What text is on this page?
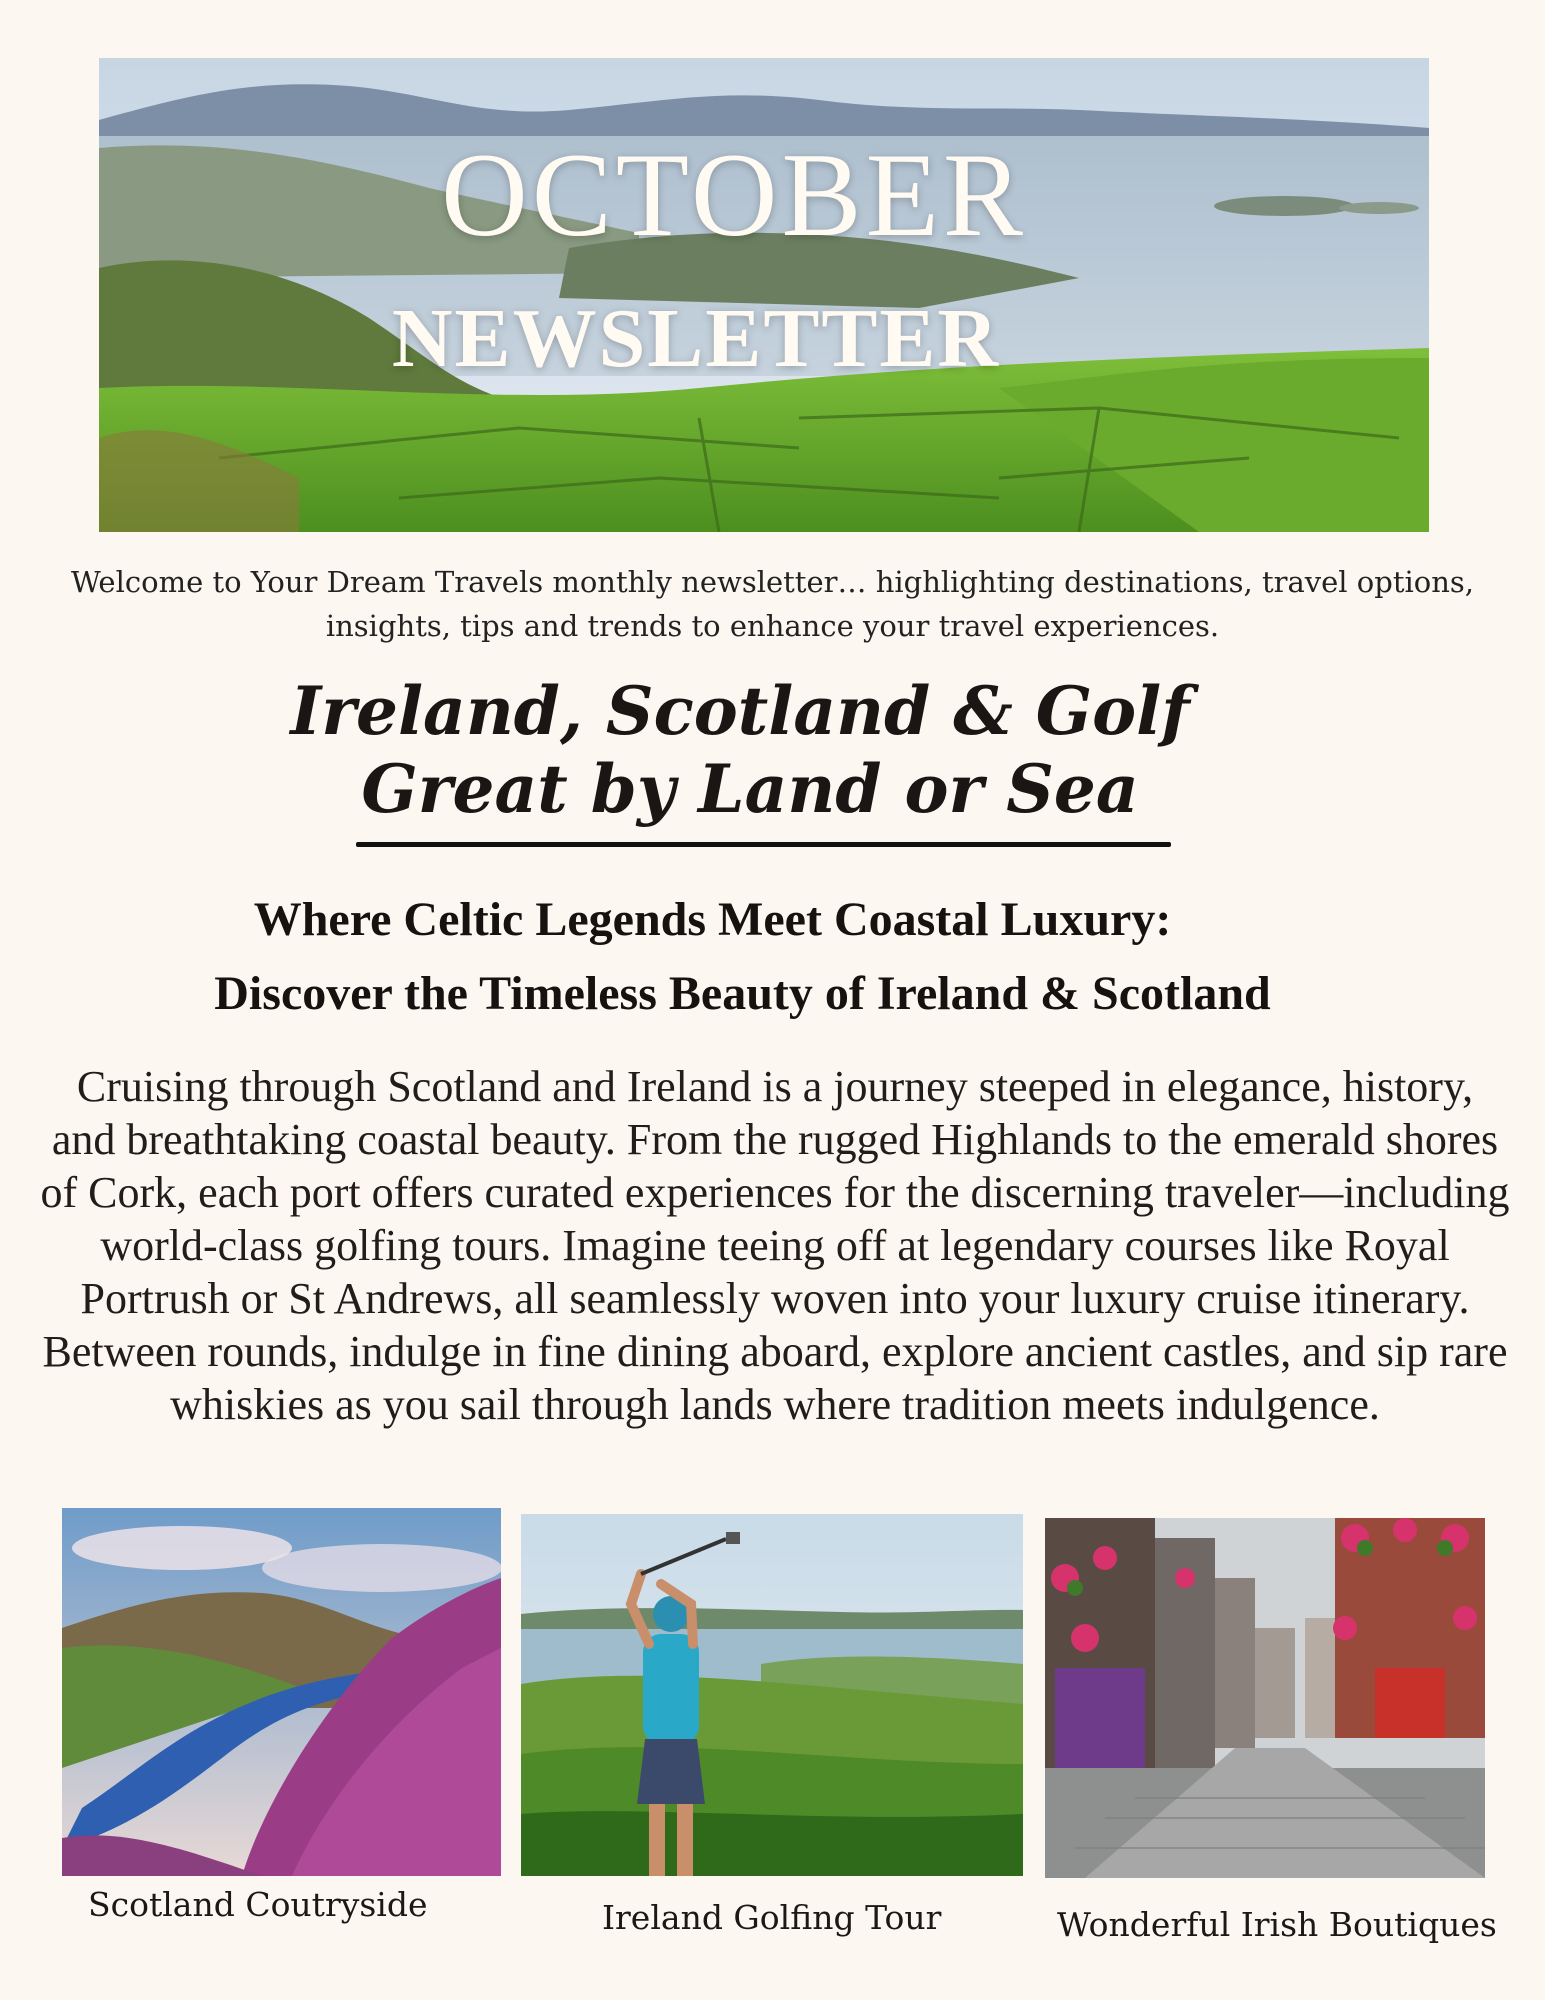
OCTOBER
NEWSLETTER
Welcome to Your Dream Travels monthly newsletter… highlighting destinations, travel options, insights, tips and trends to enhance your travel experiences.
Ireland, Scotland & Golf
Great by Land or Sea
Where Celtic Legends Meet Coastal Luxury:
Discover the Timeless Beauty of Ireland & Scotland
Cruising through Scotland and Ireland is a journey steeped in elegance, history, and breathtaking coastal beauty. From the rugged Highlands to the emerald shores of Cork, each port offers curated experiences for the discerning traveler—including world-class golfing tours. Imagine teeing off at legendary courses like Royal Portrush or St Andrews, all seamlessly woven into your luxury cruise itinerary. Between rounds, indulge in fine dining aboard, explore ancient castles, and sip rare whiskies as you sail through lands where tradition meets indulgence.
Scotland Coutryside	Ireland Golfing Tour	Wonderful Irish Boutiques
